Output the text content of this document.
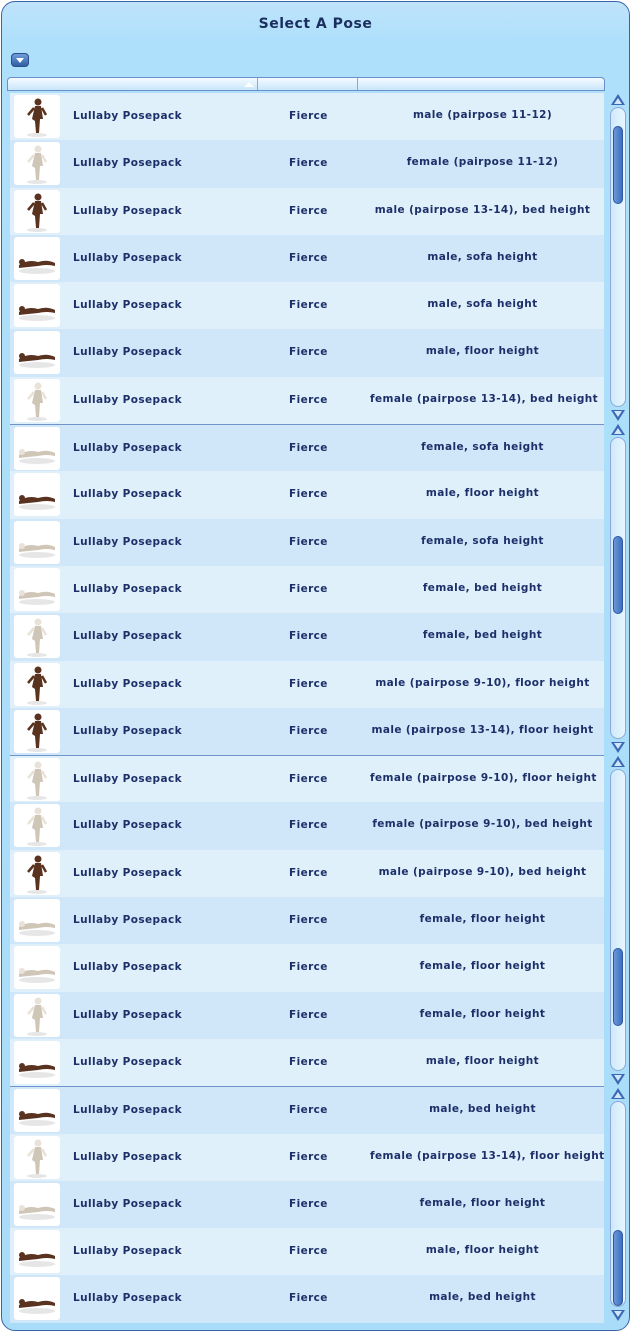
Select A Pose
Lullaby Posepack	Fierce	male (pairpose 11-12)
Lullaby Posepack	Fierce	female (pairpose 11-12)
Lullaby Posepack	Fierce	male (pairpose 13-14), bed height
Lullaby Posepack	Fierce	male, sofa height
Lullaby Posepack	Fierce	male, sofa height
Lullaby Posepack	Fierce	male, floor height
Lullaby Posepack	Fierce	female (pairpose 13-14), bed height
Lullaby Posepack	Fierce	female, sofa height
Lullaby Posepack	Fierce	male, floor height
Lullaby Posepack	Fierce	female, sofa height
Lullaby Posepack	Fierce	female, bed height
Lullaby Posepack	Fierce	female, bed height
Lullaby Posepack	Fierce	male (pairpose 9-10), floor height
Lullaby Posepack	Fierce	male (pairpose 13-14), floor height
Lullaby Posepack	Fierce	female (pairpose 9-10), floor height
Lullaby Posepack	Fierce	female (pairpose 9-10), bed height
Lullaby Posepack	Fierce	male (pairpose 9-10), bed height
Lullaby Posepack	Fierce	female, floor height
Lullaby Posepack	Fierce	female, floor height
Lullaby Posepack	Fierce	female, floor height
Lullaby Posepack	Fierce	male, floor height
Lullaby Posepack	Fierce	male, bed height
Lullaby Posepack	Fierce	female (pairpose 13-14), floor height
Lullaby Posepack	Fierce	female, floor height
Lullaby Posepack	Fierce	male, floor height
Lullaby Posepack	Fierce	male, bed height
